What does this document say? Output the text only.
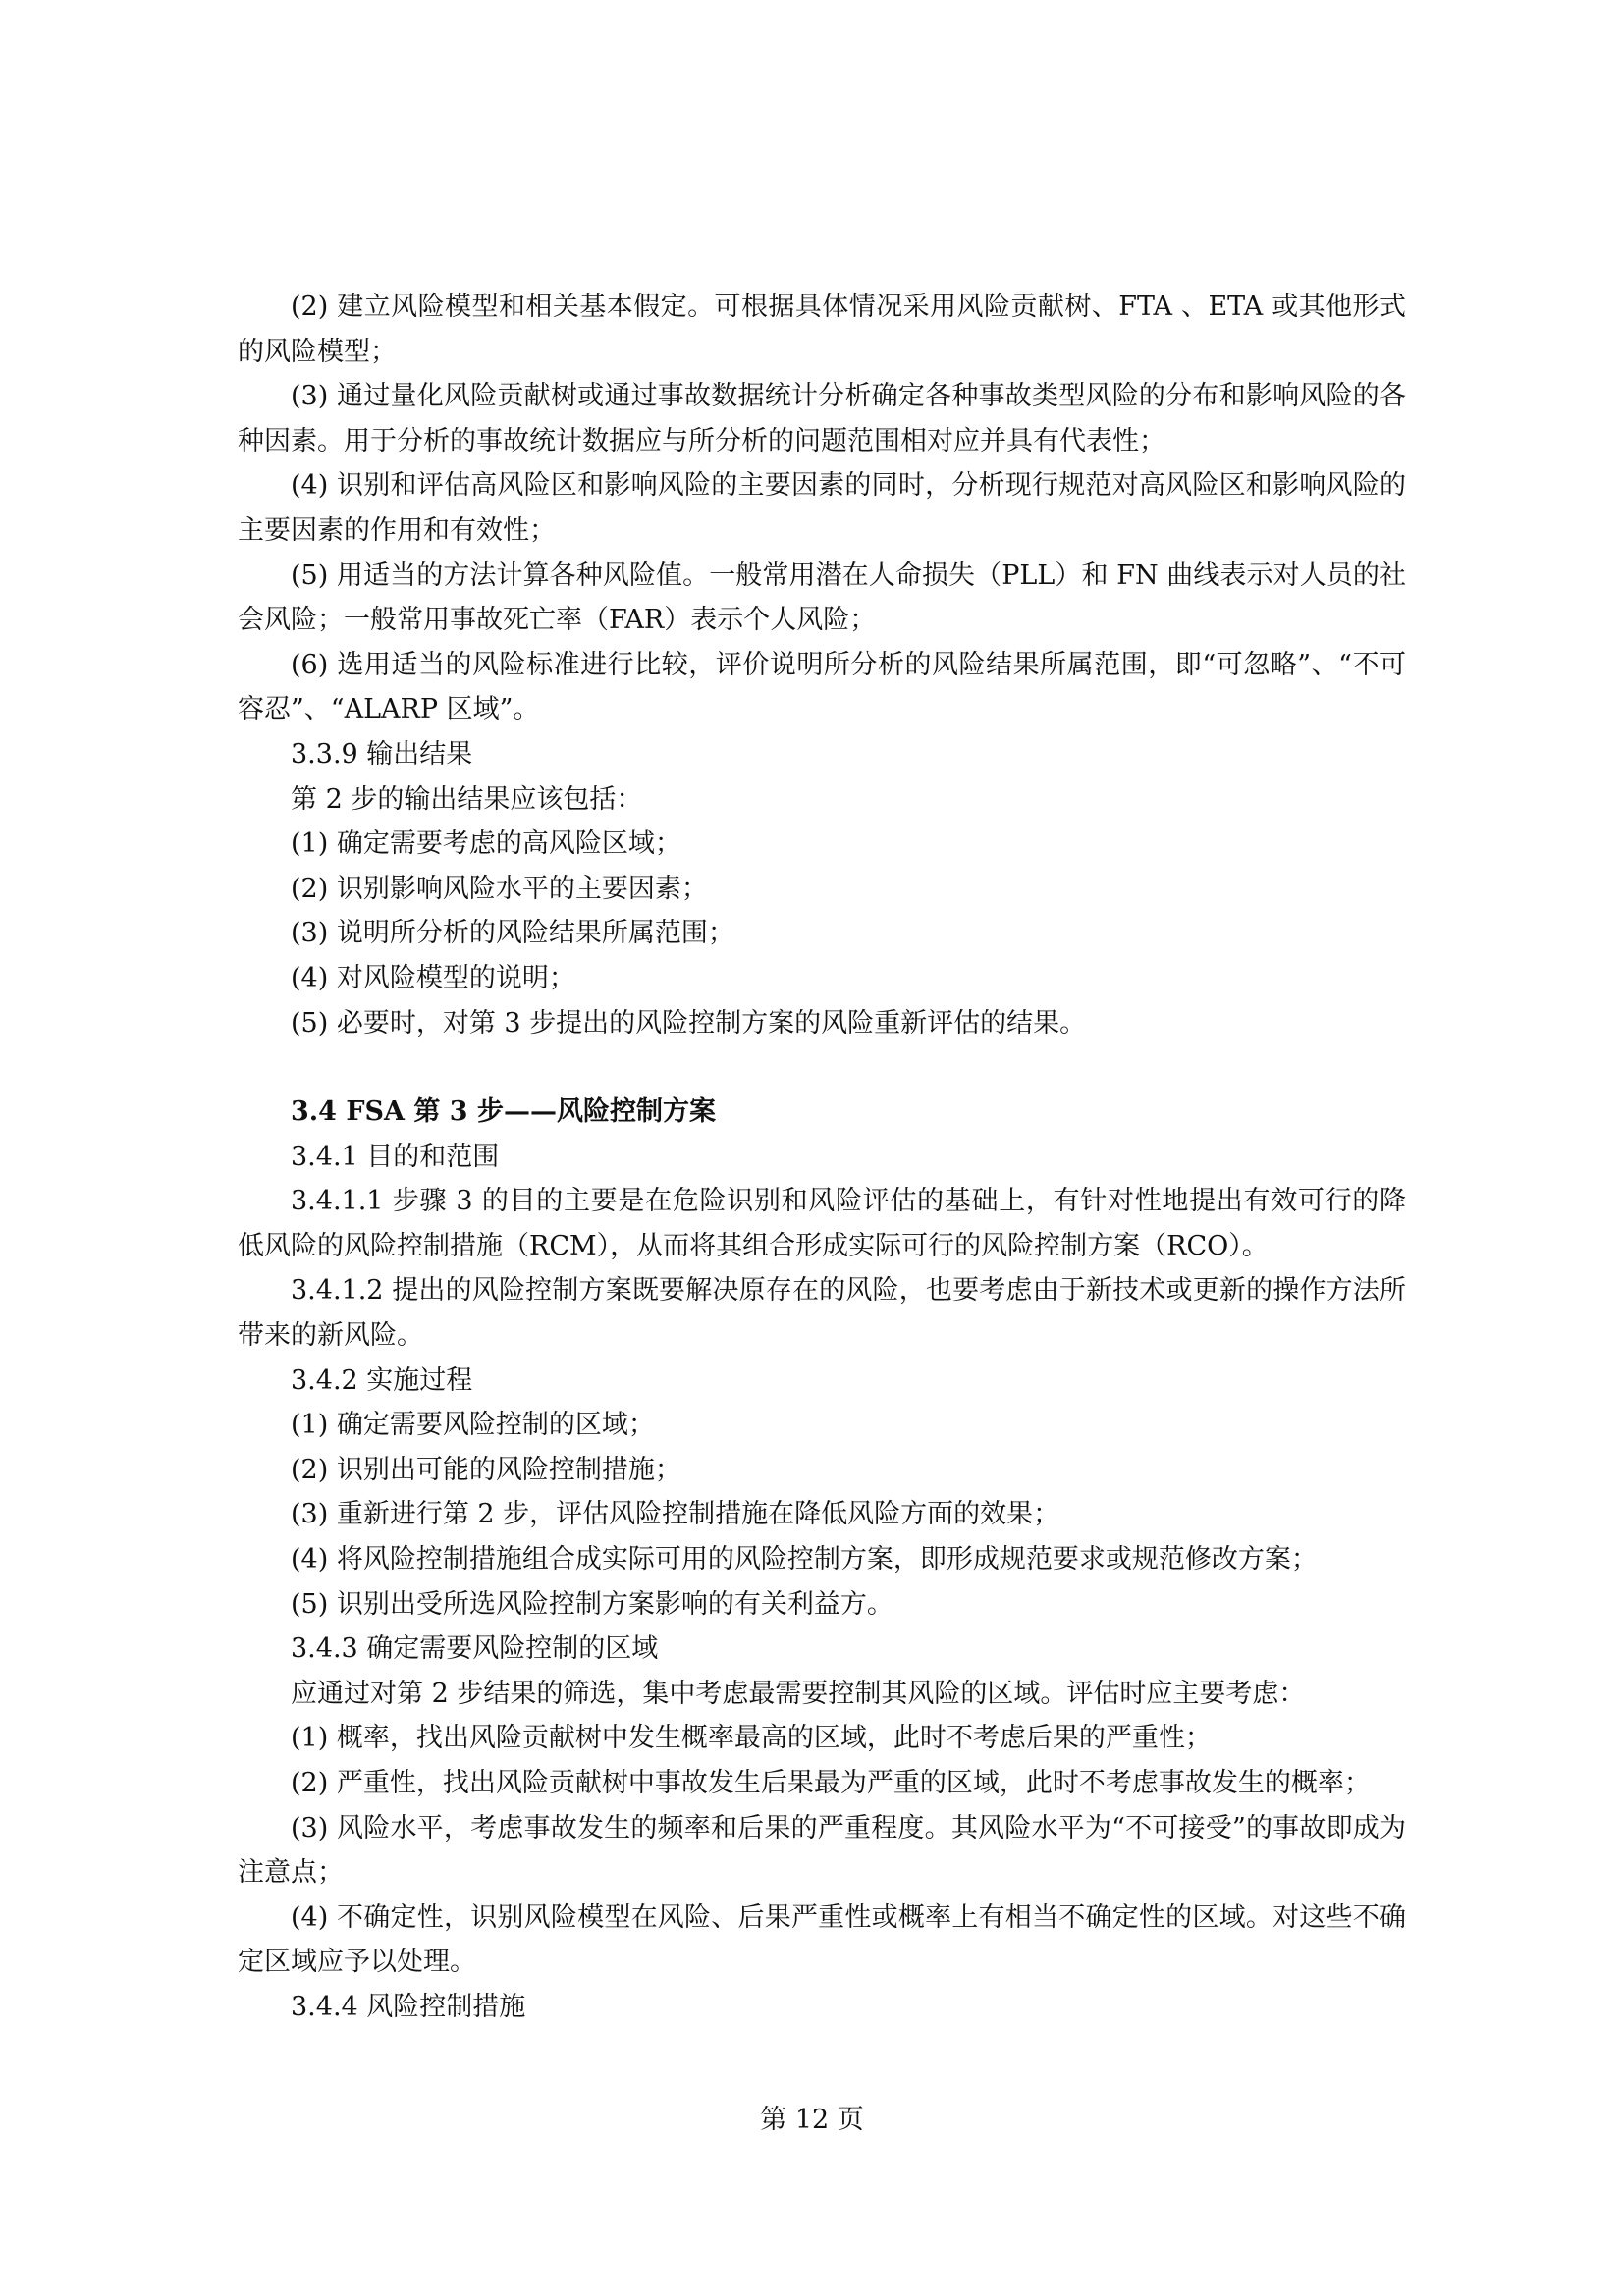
(2) 建立风险模型和相关基本假定。可根据具体情况采用风险贡献树、FTA 、ETA 或其他形式的风险模型；

(3) 通过量化风险贡献树或通过事故数据统计分析确定各种事故类型风险的分布和影响风险的各种因素。用于分析的事故统计数据应与所分析的问题范围相对应并具有代表性；

(4) 识别和评估高风险区和影响风险的主要因素的同时，分析现行规范对高风险区和影响风险的主要因素的作用和有效性；

(5) 用适当的方法计算各种风险值。一般常用潜在人命损失（PLL）和 FN 曲线表示对人员的社会风险；一般常用事故死亡率（FAR）表示个人风险；

(6) 选用适当的风险标准进行比较，评价说明所分析的风险结果所属范围，即“可忽略”、“不可容忍”、“ALARP 区域”。

3.3.9 输出结果

第 2 步的输出结果应该包括：

(1) 确定需要考虑的高风险区域；

(2) 识别影响风险水平的主要因素；

(3) 说明所分析的风险结果所属范围；

(4) 对风险模型的说明；

(5) 必要时，对第 3 步提出的风险控制方案的风险重新评估的结果。

3.4 FSA 第 3 步——风险控制方案

3.4.1 目的和范围

3.4.1.1 步骤 3 的目的主要是在危险识别和风险评估的基础上，有针对性地提出有效可行的降低风险的风险控制措施（RCM），从而将其组合形成实际可行的风险控制方案（RCO）。

3.4.1.2 提出的风险控制方案既要解决原存在的风险，也要考虑由于新技术或更新的操作方法所带来的新风险。

3.4.2 实施过程

(1) 确定需要风险控制的区域；

(2) 识别出可能的风险控制措施；

(3) 重新进行第 2 步，评估风险控制措施在降低风险方面的效果；

(4) 将风险控制措施组合成实际可用的风险控制方案，即形成规范要求或规范修改方案；

(5) 识别出受所选风险控制方案影响的有关利益方。

3.4.3 确定需要风险控制的区域

应通过对第 2 步结果的筛选，集中考虑最需要控制其风险的区域。评估时应主要考虑：

(1) 概率，找出风险贡献树中发生概率最高的区域，此时不考虑后果的严重性；

(2) 严重性，找出风险贡献树中事故发生后果最为严重的区域，此时不考虑事故发生的概率；

(3) 风险水平，考虑事故发生的频率和后果的严重程度。其风险水平为“不可接受”的事故即成为注意点；

(4) 不确定性，识别风险模型在风险、后果严重性或概率上有相当不确定性的区域。对这些不确定区域应予以处理。

3.4.4 风险控制措施

第 12 页
